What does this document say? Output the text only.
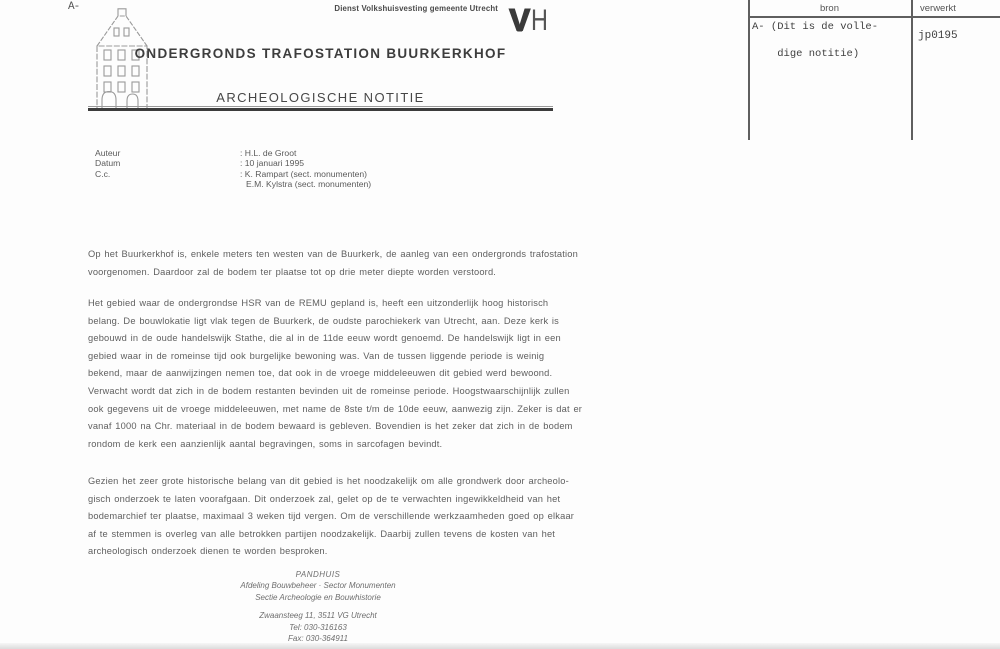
A-	Dienst Volkshuisvesting gemeente Utrecht V H
ONDERGRONDS TRAFOSTATION BUURKERKHOF
ARCHEOLOGISCHE NOTITIE
bron	verwerkt
A- (Dit is de volle-

dige notitie)
jp0195
Auteur	: H.L. de Groot
Datum	: 10 januari 1995
C.c.	: K. Rampart (sect. monumenten)
E.M. Kylstra (sect. monumenten)
Op het Buurkerkhof is, enkele meters ten westen van de Buurkerk, de aanleg van een ondergronds trafostation
voorgenomen. Daardoor zal de bodem ter plaatse tot op drie meter diepte worden verstoord.
Het gebied waar de ondergrondse HSR van de REMU gepland is, heeft een uitzonderlijk hoog historisch
belang. De bouwlokatie ligt vlak tegen de Buurkerk, de oudste parochiekerk van Utrecht, aan. Deze kerk is
gebouwd in de oude handelswijk Stathe, die al in de 11de eeuw wordt genoemd. De handelswijk ligt in een
gebied waar in de romeinse tijd ook burgelijke bewoning was. Van de tussen liggende periode is weinig
bekend, maar de aanwijzingen nemen toe, dat ook in de vroege middeleeuwen dit gebied werd bewoond.
Verwacht wordt dat zich in de bodem restanten bevinden uit de romeinse periode. Hoogstwaarschijnlijk zullen
ook gegevens uit de vroege middeleeuwen, met name de 8ste t/m de 10de eeuw, aanwezig zijn. Zeker is dat er
vanaf 1000 na Chr. materiaal in de bodem bewaard is gebleven. Bovendien is het zeker dat zich in de bodem
rondom de kerk een aanzienlijk aantal begravingen, soms in sarcofagen bevindt.
Gezien het zeer grote historische belang van dit gebied is het noodzakelijk om alle grondwerk door archeolo-
gisch onderzoek te laten voorafgaan. Dit onderzoek zal, gelet op de te verwachten ingewikkeldheid van het
bodemarchief ter plaatse, maximaal 3 weken tijd vergen. Om de verschillende werkzaamheden goed op elkaar
af te stemmen is overleg van alle betrokken partijen noodzakelijk. Daarbij zullen tevens de kosten van het
archeologisch onderzoek dienen te worden besproken.
PANDHUIS
Afdeling Bouwbeheer · Sector Monumenten
Sectie Archeologie en Bouwhistorie
Zwaansteeg 11, 3511 VG Utrecht
Tel: 030-316163
Fax: 030-364911
